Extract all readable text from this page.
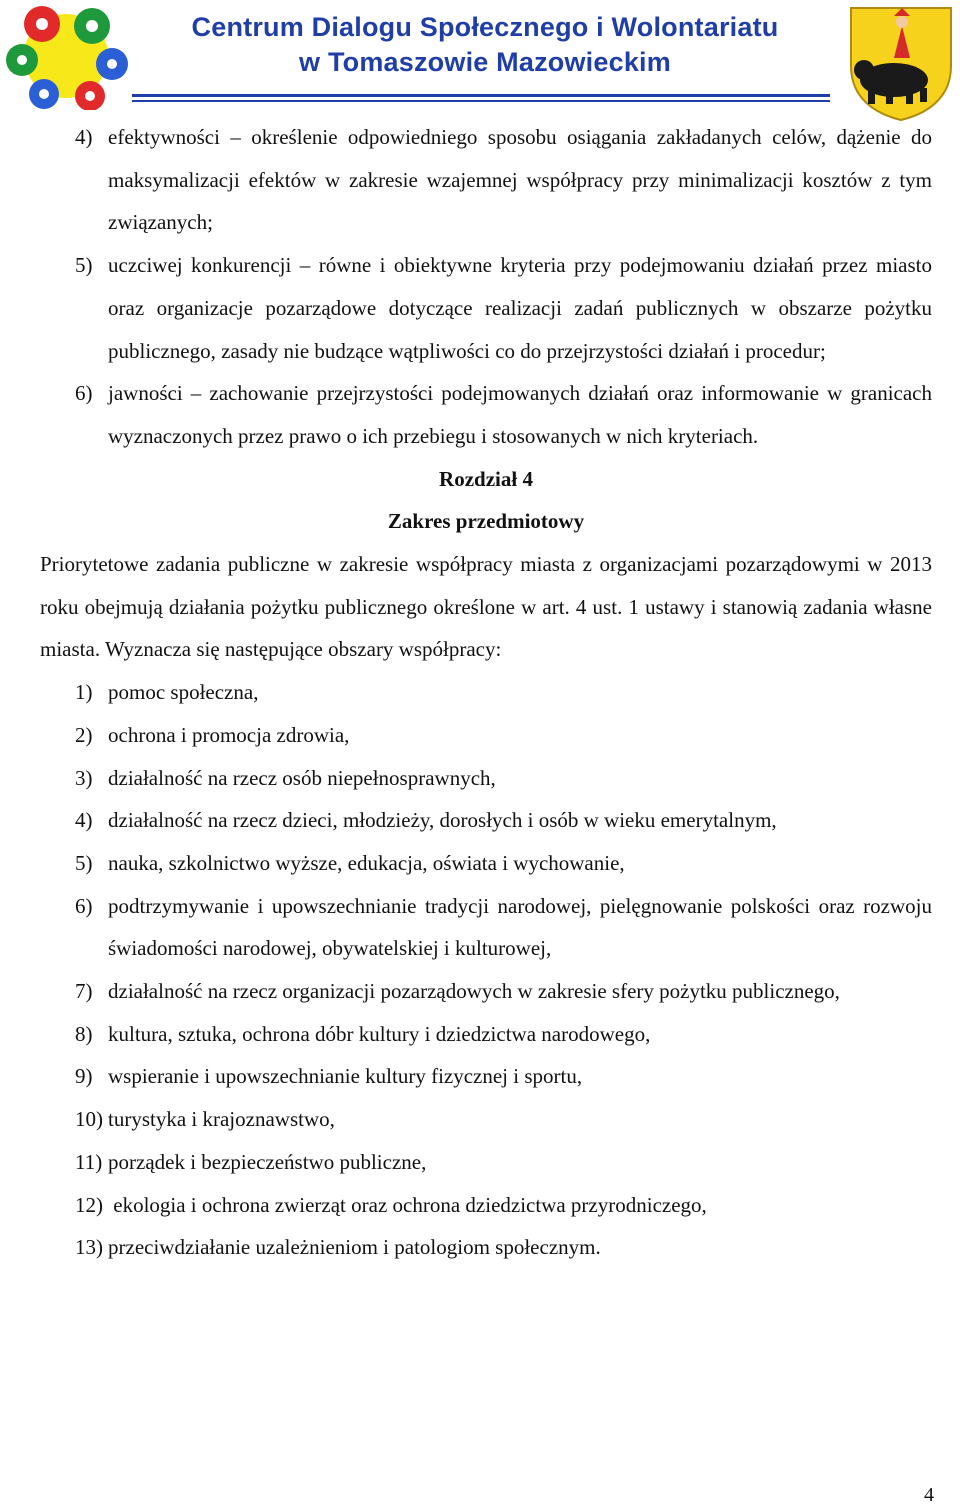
Centrum Dialogu Społecznego i Wolontariatu
w Tomaszowie Mazowieckim
4) efektywności – określenie odpowiedniego sposobu osiągania zakładanych celów, dążenie do maksymalizacji efektów w zakresie wzajemnej współpracy przy minimalizacji kosztów z tym związanych;
5) uczciwej konkurencji – równe i obiektywne kryteria przy podejmowaniu działań przez miasto oraz organizacje pozarządowe dotyczące realizacji zadań publicznych w obszarze pożytku publicznego, zasady nie budzące wątpliwości co do przejrzystości działań i procedur;
6) jawności – zachowanie przejrzystości podejmowanych działań oraz informowanie w granicach wyznaczonych przez prawo o ich przebiegu i stosowanych w nich kryteriach.
Rozdział 4
Zakres przedmiotowy
Priorytetowe zadania publiczne w zakresie współpracy miasta z organizacjami pozarządowymi w 2013 roku obejmują działania pożytku publicznego określone w art. 4 ust. 1 ustawy i stanowią zadania własne miasta. Wyznacza się następujące obszary współpracy:
1) pomoc społeczna,
2) ochrona i promocja zdrowia,
3) działalność na rzecz osób niepełnosprawnych,
4) działalność na rzecz dzieci, młodzieży, dorosłych i osób w wieku emerytalnym,
5) nauka, szkolnictwo wyższe, edukacja, oświata i wychowanie,
6) podtrzymywanie i upowszechnianie tradycji narodowej, pielęgnowanie polskości oraz rozwoju świadomości narodowej, obywatelskiej i kulturowej,
7) działalność na rzecz organizacji pozarządowych w zakresie sfery pożytku publicznego,
8) kultura, sztuka, ochrona dóbr kultury i dziedzictwa narodowego,
9) wspieranie i upowszechnianie kultury fizycznej i sportu,
10) turystyka i krajoznawstwo,
11) porządek i bezpieczeństwo publiczne,
12) ekologia i ochrona zwierząt oraz ochrona dziedzictwa przyrodniczego,
13) przeciwdziałanie uzależnieniom i patologiom społecznym.
4
